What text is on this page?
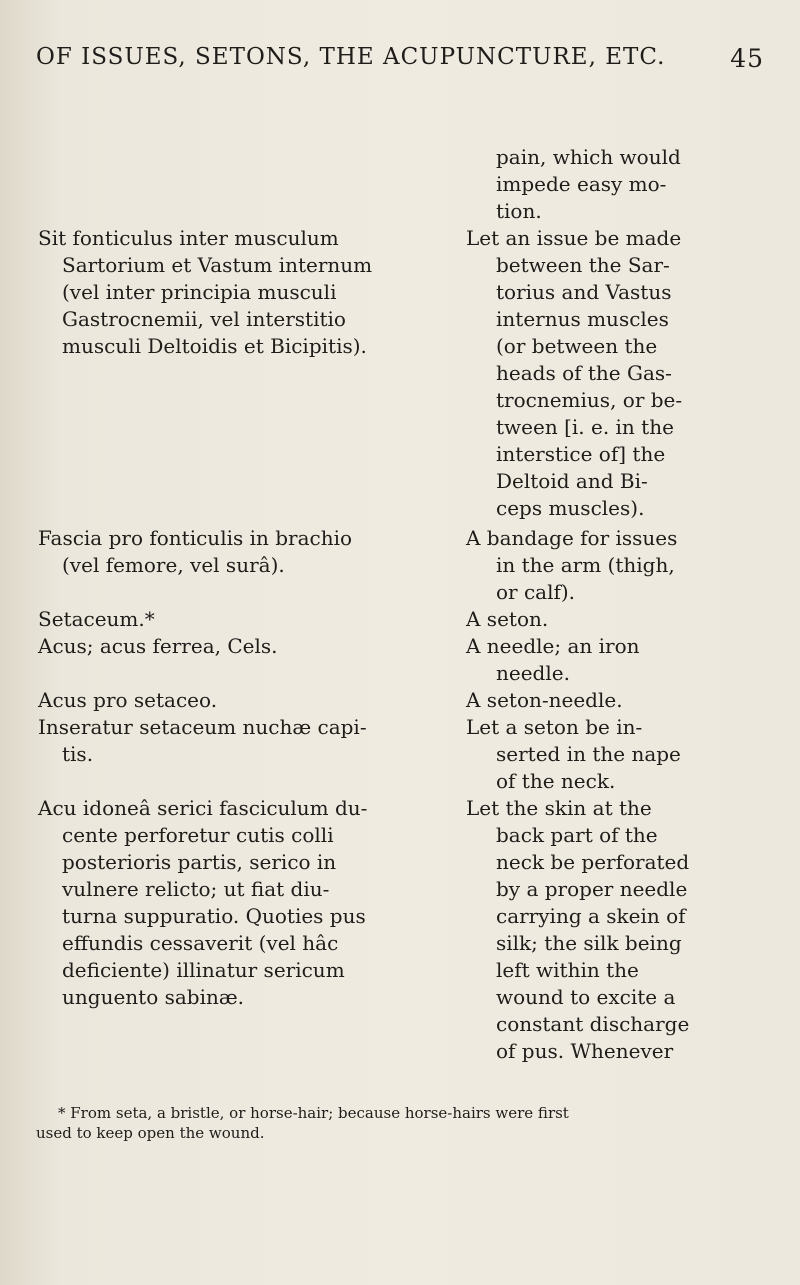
OF ISSUES, SETONS, THE ACUPUNCTURE, ETC.	45
Sit fonticulus inter musculum
Sartorium et Vastum internum
(vel inter principia musculi
Gastrocnemii, vel interstitio
musculi Deltoidis et Bicipitis).
Fascia pro fonticulis in brachio
(vel femore, vel surâ).
Setaceum.*
Acus; acus ferrea, Cels.
Acus pro setaceo.
Inseratur setaceum nuchæ capi-
tis.
Acu idoneâ serici fasciculum du-
cente perforetur cutis colli
posterioris partis, serico in
vulnere relicto; ut fiat diu-
turna suppuratio. Quoties pus
effundis cessaverit (vel hâc
deficiente) illinatur sericum
unguento sabinæ.
pain, which would
impede easy mo-
tion.
Let an issue be made
between the Sar-
torius and Vastus
internus muscles
(or between the
heads of the Gas-
trocnemius, or be-
tween [i. e. in the
interstice of] the
Deltoid and Bi-
ceps muscles).
A bandage for issues
in the arm (thigh,
or calf).
A seton.
A needle; an iron
needle.
A seton-needle.
Let a seton be in-
serted in the nape
of the neck.
Let the skin at the
back part of the
neck be perforated
by a proper needle
carrying a skein of
silk; the silk being
left within the
wound to excite a
constant discharge
of pus. Whenever
* From seta, a bristle, or horse-hair; because horse-hairs were first
used to keep open the wound.
